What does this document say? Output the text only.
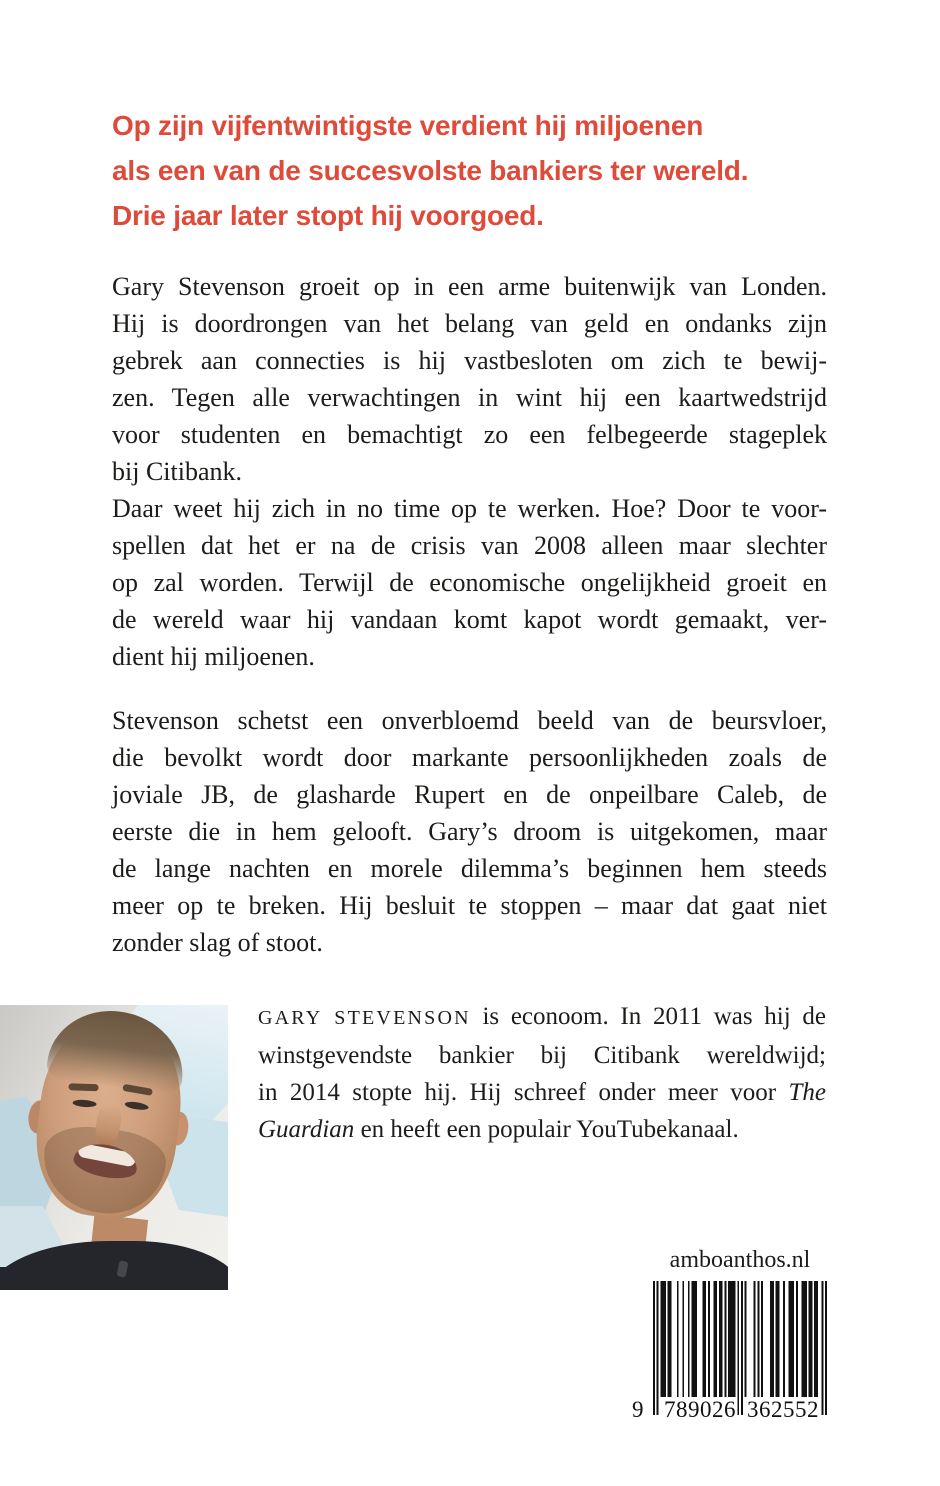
Op zijn vijfentwintigste verdient hij miljoenen
als een van de succesvolste bankiers ter wereld.
Drie jaar later stopt hij voorgoed.
Gary Stevenson groeit op in een arme buitenwijk van Londen.
Hij is doordrongen van het belang van geld en ondanks zijn
gebrek aan connecties is hij vastbesloten om zich te bewij-
zen. Tegen alle verwachtingen in wint hij een kaartwedstrijd
voor studenten en bemachtigt zo een felbegeerde stageplek
bij Citibank.
Daar weet hij zich in no time op te werken. Hoe? Door te voor-
spellen dat het er na de crisis van 2008 alleen maar slechter
op zal worden. Terwijl de economische ongelijkheid groeit en
de wereld waar hij vandaan komt kapot wordt gemaakt, ver-
dient hij miljoenen.
Stevenson schetst een onverbloemd beeld van de beursvloer,
die bevolkt wordt door markante persoonlijkheden zoals de
joviale JB, de glasharde Rupert en de onpeilbare Caleb, de
eerste die in hem gelooft. Gary’s droom is uitgekomen, maar
de lange nachten en morele dilemma’s beginnen hem steeds
meer op te breken. Hij besluit te stoppen – maar dat gaat niet
zonder slag of stoot.
GARY STEVENSON is econoom. In 2011 was hij de
winstgevendste bankier bij Citibank wereldwijd;
in 2014 stopte hij. Hij schreef onder meer voor The
Guardian en heeft een populair YouTubekanaal.
amboanthos.nl
9 789026 362552
